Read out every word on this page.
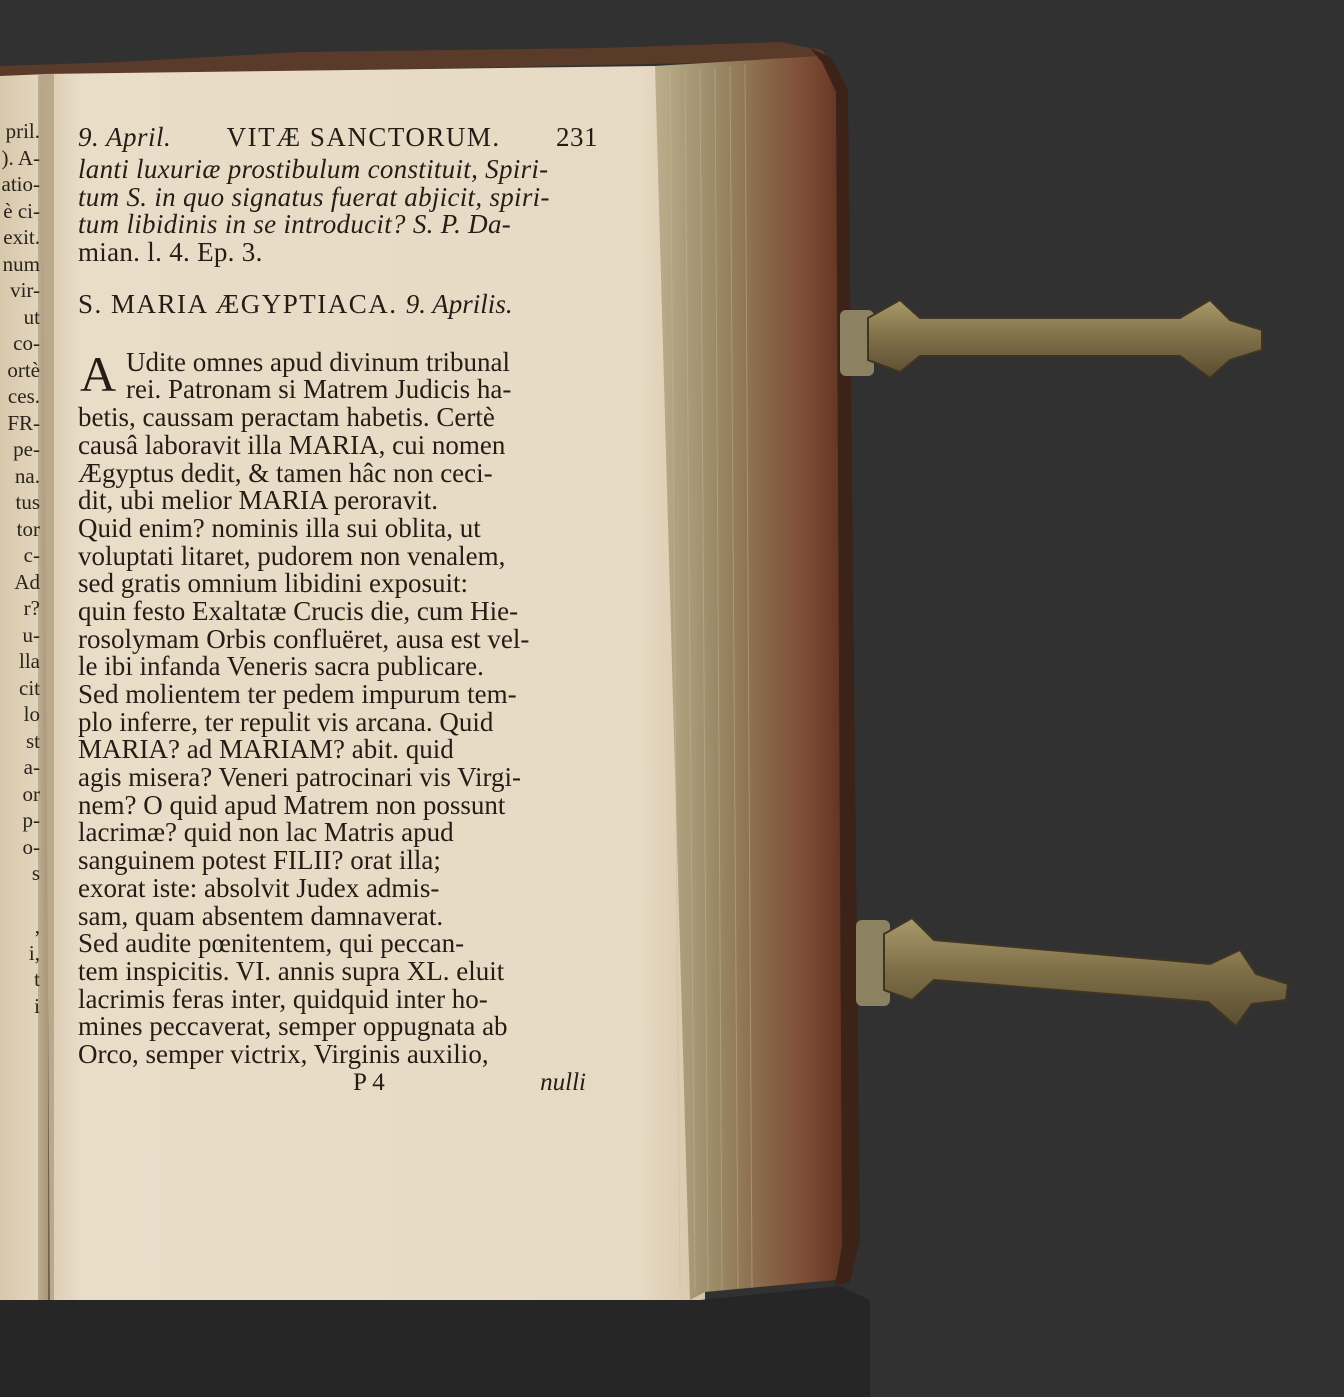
pril.
). A-
atio-
è ci-
exit.
num
vir-
ut
co-
ortè
ces.
FR-
pe-
na.
tus
tor
c-
Ad
r?
u-
lla
cit
lo
st
a-
or
p-
o-
s
,
i,
t
i
9. April. VITÆ SANCTORUM. 231
lanti luxuriæ prostibulum constituit, Spiri-
tum S. in quo signatus fuerat abjicit, spiri-
tum libidinis in se introducit? S. P. Da-
mian. l. 4. Ep. 3.
S. MARIA ÆGYPTIACA. 9. Aprilis.
A Udite omnes apud divinum tribunal
rei. Patronam si Matrem Judicis ha-
betis, caussam peractam habetis. Certè
causâ laboravit illa MARIA, cui nomen
Ægyptus dedit, & tamen hâc non ceci-
dit, ubi melior MARIA peroravit.
Quid enim? nominis illa sui oblita, ut
voluptati litaret, pudorem non venalem,
sed gratis omnium libidini exposuit:
quin festo Exaltatæ Crucis die, cum Hie-
rosolymam Orbis confluëret, ausa est vel-
le ibi infanda Veneris sacra publicare.
Sed molientem ter pedem impurum tem-
plo inferre, ter repulit vis arcana. Quid
MARIA? ad MARIAM? abit. quid
agis misera? Veneri patrocinari vis Virgi-
nem? O quid apud Matrem non possunt
lacrimæ? quid non lac Matris apud
sanguinem potest FILII? orat illa;
exorat iste: absolvit Judex admis-
sam, quam absentem damnaverat.
Sed audite pœnitentem, qui peccan-
tem inspicitis. VI. annis supra XL. eluit
lacrimis feras inter, quidquid inter ho-
mines peccaverat, semper oppugnata ab
Orco, semper victrix, Virginis auxilio,
P 4	nulli
